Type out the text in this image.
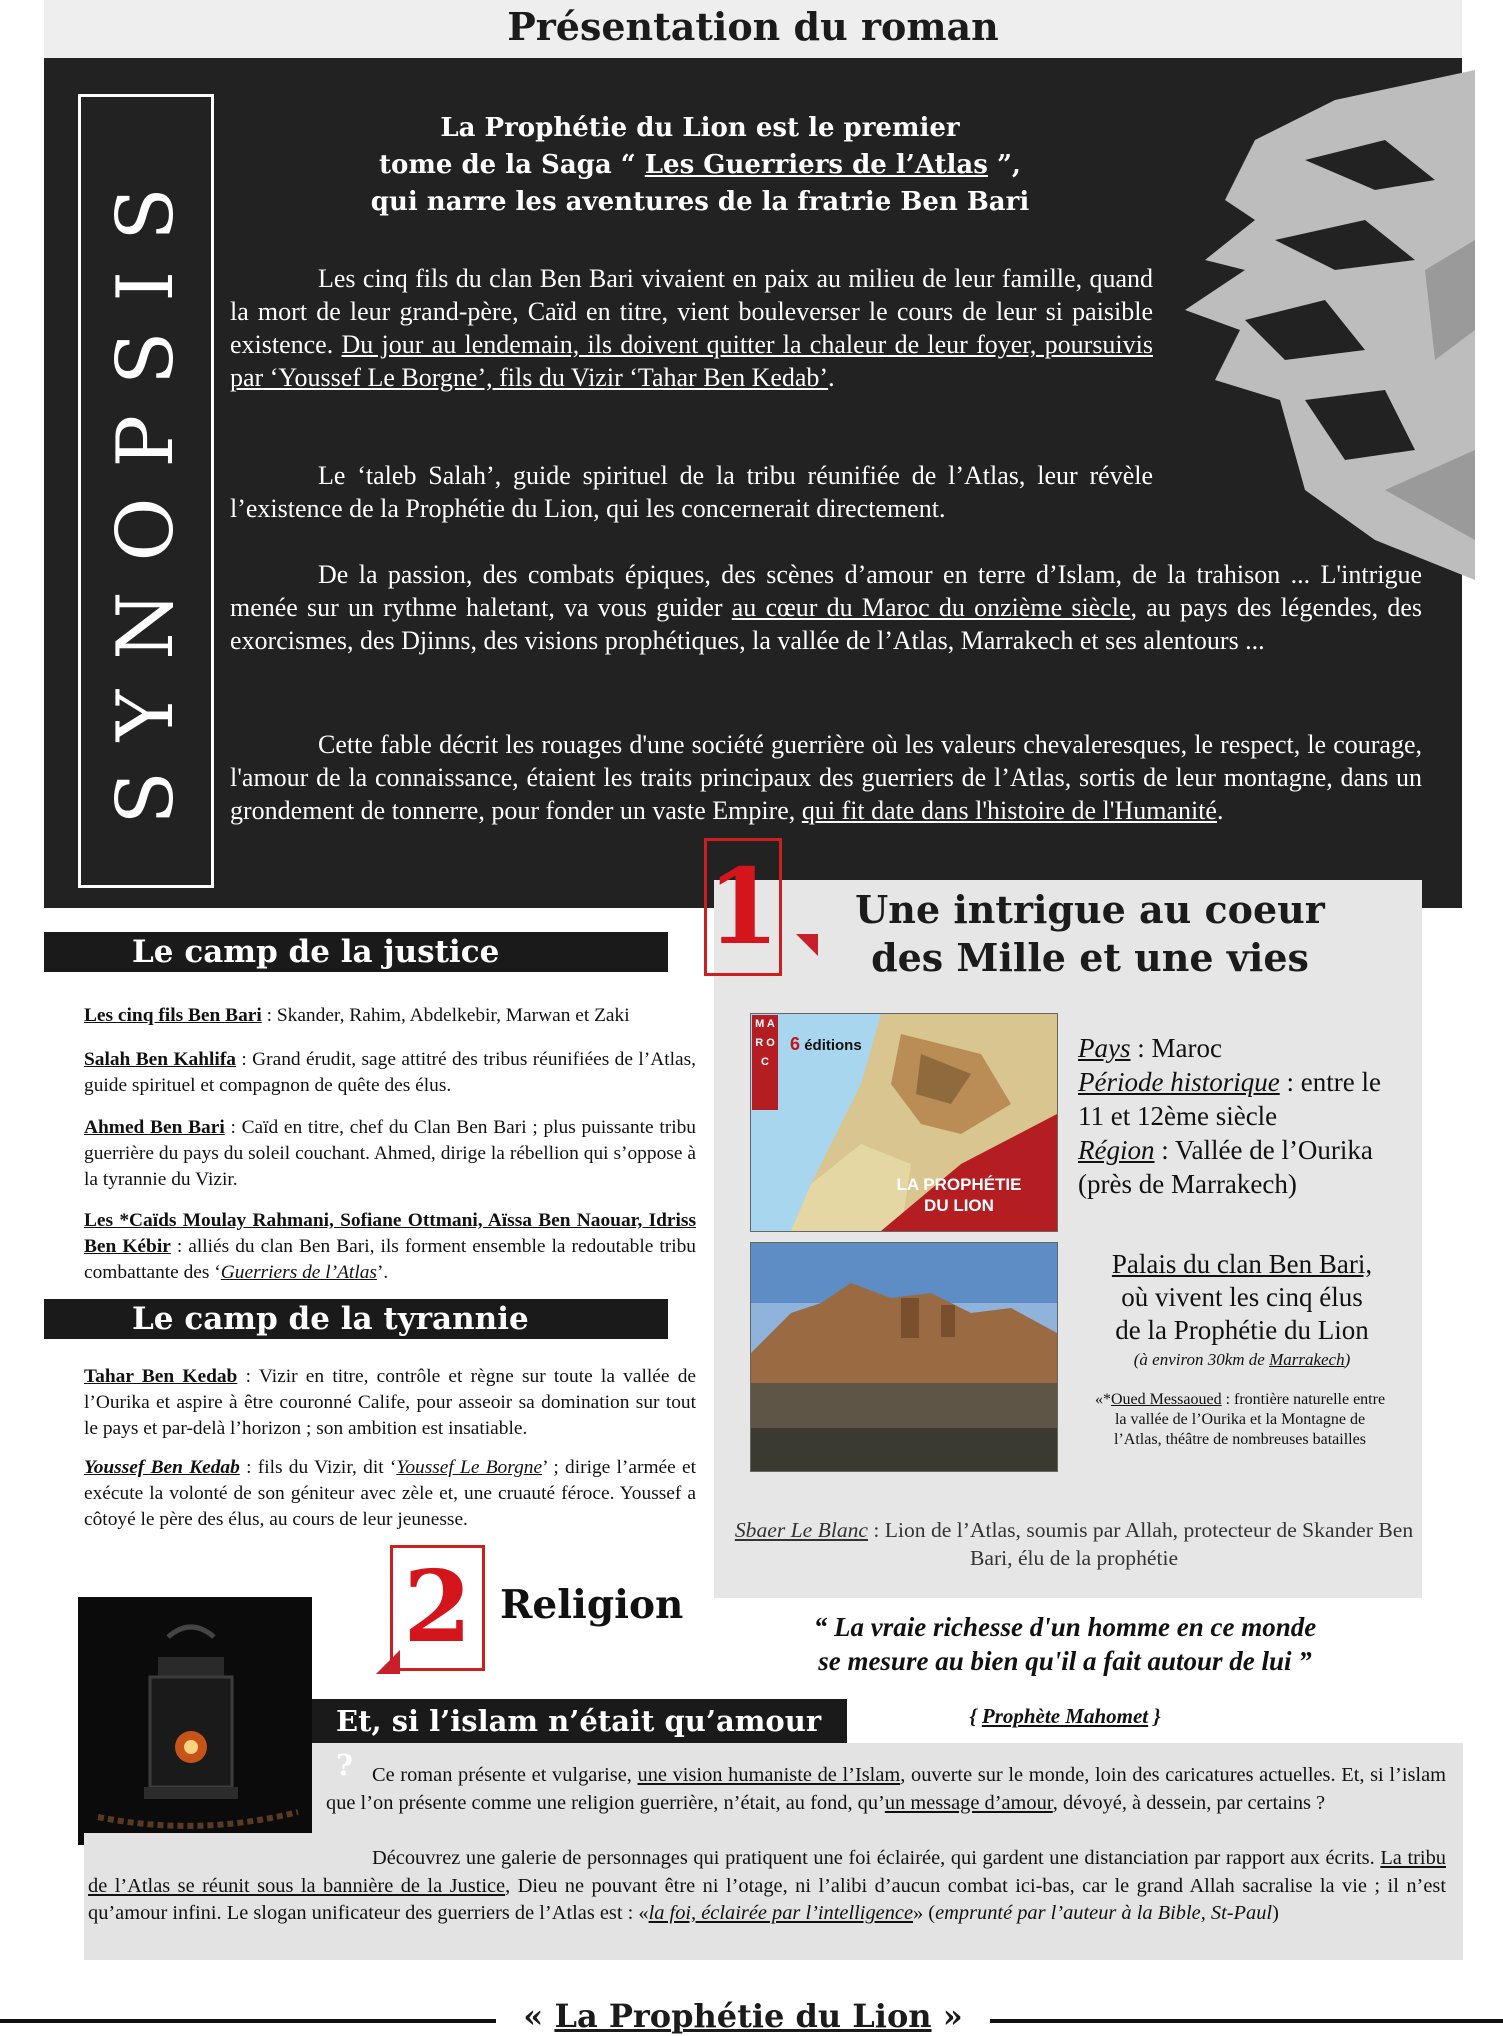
Présentation du roman
SYNOPSIS
La Prophétie du Lion est le premier
tome de la Saga “ Les Guerriers de l’Atlas ”,
qui narre les aventures de la fratrie Ben Bari

Les cinq fils du clan Ben Bari vivaient en paix au milieu de leur famille, quand la mort de leur grand-père, Caïd en titre, vient bouleverser le cours de leur si paisible existence. Du jour au lendemain, ils doivent quitter la chaleur de leur foyer, poursuivis par ‘Youssef Le Borgne’, fils du Vizir ‘Tahar Ben Kedab’.

Le ‘taleb Salah’, guide spirituel de la tribu réunifiée de l’Atlas, leur révèle l’existence de la Prophétie du Lion, qui les concernerait directement.

De la passion, des combats épiques, des scènes d’amour en terre d’Islam, de la trahison ... L'intrigue menée sur un rythme haletant, va vous guider au cœur du Maroc du onzième siècle, au pays des légendes, des exorcismes, des Djinns, des visions prophétiques, la vallée de l’Atlas, Marrakech et ses alentours ...

Cette fable décrit les rouages d'une société guerrière où les valeurs chevaleresques, le respect, le courage, l'amour de la connaissance, étaient les traits principaux des guerriers de l’Atlas, sortis de leur montagne, dans un grondement de tonnerre, pour fonder un vaste Empire, qui fit date dans l'histoire de l'Humanité.

Le camp de la justice

Les cinq fils Ben Bari : Skander, Rahim, Abdelkebir, Marwan et Zaki

Salah Ben Kahlifa : Grand érudit, sage attitré des tribus réunifiées de l’Atlas, guide spirituel et compagnon de quête des élus.

Ahmed Ben Bari : Caïd en titre, chef du Clan Ben Bari ; plus puissante tribu guerrière du pays du soleil couchant. Ahmed, dirige la rébellion qui s’oppose à la tyrannie du Vizir.

Les *Caïds Moulay Rahmani, Sofiane Ottmani, Aïssa Ben Naouar, Idriss Ben Kébir : alliés du clan Ben Bari, ils forment ensemble la redoutable tribu combattante des ‘Guerriers de l’Atlas’.

Le camp de la tyrannie

Tahar Ben Kedab : Vizir en titre, contrôle et règne sur toute la vallée de l’Ourika et aspire à être couronné Calife, pour asseoir sa domination sur tout le pays et par-delà l’horizon ; son ambition est insatiable.

Youssef Ben Kedab : fils du Vizir, dit ‘Youssef Le Borgne’ ; dirige l’armée et exécute la volonté de son géniteur avec zèle et, une cruauté féroce. Youssef a côtoyé le père des élus, au cours de leur jeunesse.

1	Une intrigue au coeur
des Mille et une vies
M A R O C
6 éditions
LA PROPHÉTIE
DU LION
Pays : Maroc
Période historique : entre le 11 et 12ème siècle
Région : Vallée de l’Ourika (près de Marrakech)
Palais du clan Ben Bari,
où vivent les cinq élus
de la Prophétie du Lion
(à environ 30km de Marrakech)
«*Oued Messaoued : frontière naturelle entre la vallée de l’Ourika et la Montagne de l’Atlas, théâtre de nombreuses batailles
Sbaer Le Blanc : Lion de l’Atlas, soumis par Allah, protecteur de Skander Ben Bari, élu de la prophétie
2 Religion	“ La vraie richesse d'un homme en ce monde
se mesure au bien qu'il a fait autour de lui ”
{ Prophète Mahomet }
Et, si l’islam n’était qu’amour ? Ce roman présente et vulgarise, une vision humaniste de l’Islam, ouverte sur le monde, loin des caricatures actuelles. Et, si l’islam que l’on présente comme une religion guerrière, n’était, au fond, qu’un message d’amour, dévoyé, à dessein, par certains ?

Découvrez une galerie de personnages qui pratiquent une foi éclairée, qui gardent une distanciation par rapport aux écrits. La tribu de l’Atlas se réunit sous la bannière de la Justice, Dieu ne pouvant être ni l’otage, ni l’alibi d’aucun combat ici-bas, car le grand Allah sacralise la vie ; il n’est qu’amour infini. Le slogan unificateur des guerriers de l’Atlas est : «la foi, éclairée par l’intelligence» (emprunté par l’auteur à la Bible, St-Paul)

« La Prophétie du Lion »
